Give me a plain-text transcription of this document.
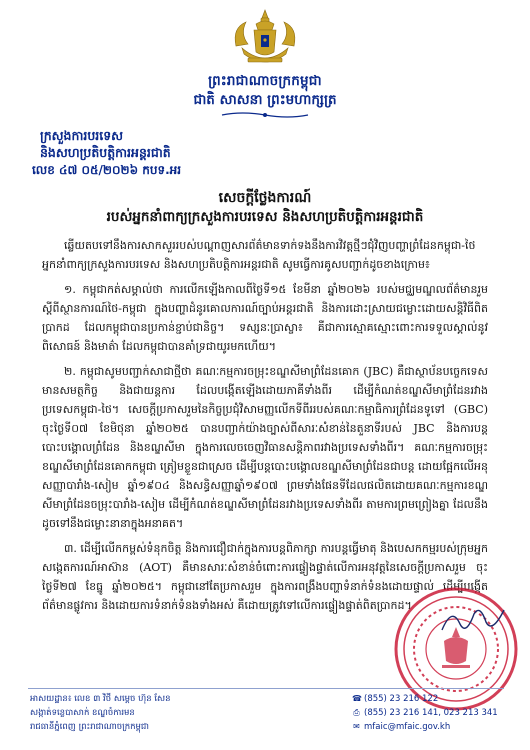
ព្រះរាជាណាចក្រកម្ពុជា
ជាតិ សាសនា ព្រះមហាក្សត្រ
ក្រសួងការបរទេស
និងសហប្រតិបត្តិការអន្តរជាតិ
លេខ ៤៧ ០៥/២០២៦ កបទ.អរ
សេចក្តីថ្លែងការណ៍
របស់អ្នកនាំពាក្យក្រសួងការបរទេស និងសហប្រតិបត្តិការអន្តរជាតិ

ឆ្លើយតបទៅនឹងការសាកសួររបស់បណ្តាញសារព័ត៌មានទាក់ទងនឹងការវិវត្តថ្មីៗជុំវិញបញ្ហាព្រំដែនកម្ពុជា-ថៃ អ្នកនាំពាក្យក្រសួងការបរទេស និងសហប្រតិបត្តិការអន្តរជាតិ សូមធ្វើការគូសបញ្ជាក់ដូចខាងក្រោម៖

១. កម្ពុជាកត់សម្គាល់ថា ការលើកឡើងកាលពីថ្ងៃទី១៥ ខែមីនា ឆ្នាំ២០២៦ របស់មជ្ឈមណ្ឌលព័ត៌មានរួមស្តីពីស្ថានការណ៍ថៃ-កម្ពុជា ក្នុងបញ្ហាដំនូរគោលការណ៍ច្បាប់អន្តរជាតិ និងការដោះស្រាយជម្លោះដោយសន្តិវិធីពិតប្រាកដ ដែលកម្ពុជាបានប្រកាន់ខ្ជាប់ជានិច្ច។ ទស្សនៈប្រាស្ចា៖ គឺជាការស្មោគស្មោះពោះការទទួលស្គាល់នូវពិសោធន៍ និងមាត៌ា ដែលកម្ពុជាបានគាំទ្រជាយូរមកហើយ។

២. កម្ពុជាសូមបញ្ជាក់សាជាថ្មីថា គណៈកម្មការចម្រុះខណ្ឌសីមាព្រំដែនគោក (JBC) គឺជាស្ថាប័នបច្ចេកទេសមានសមត្ថកិច្ច និងជាយន្តការ ដែលបង្កើតឡើងដោយភាគីទាំងពីរ ដើម្បីកំណត់ខណ្ឌសីមាព្រំដែនរវាងប្រទេសកម្ពុជា-ថៃ។ សេចក្តីប្រកាសរួមនៃកិច្ចប្រជុំវិសាមញ្ញលើកទីពីររបស់គណៈកម្មាធិការព្រំដែនទូទៅ (GBC) ចុះថ្ងៃទី០៧ ខែមិថុនា ឆ្នាំ២០២៥ បានបញ្ជាក់យ៉ាងច្បាស់ពីសារៈសំខាន់នៃតួនាទីរបស់ JBC និងការបន្តបោះបង្គោលព្រំដែន និងខណ្ឌសីមា ក្នុងការលេចចេញវិធានសន្តិភាពរវាងប្រទេសទាំងពីរ។ គណៈកម្មការចម្រុះខណ្ឌសីមាព្រំដែនគោកកម្ពុជា ត្រៀមខ្លួនជាស្រេច ដើម្បីបន្តបោះបង្គោលខណ្ឌសីមាព្រំដែនជាបន្ត ដោយផ្អែកលើអនុសញ្ញាបារាំង-សៀម ឆ្នាំ១៩០៤ និងសន្ធិសញ្ញាឆ្នាំ១៩០៧ ព្រមទាំងផែនទីដែលផលិតដោយគណៈកម្មការខណ្ឌសីមាព្រំដែនចម្រុះបារាំង-សៀម ដើម្បីកំណត់ខណ្ឌសីមាព្រំដែនរវាងប្រទេសទាំងពីរ តាមការព្រមព្រៀងគ្នា ដែលនឹងដូចទៅនឹងជម្លោះនានាក្នុងអនាគត។

៣. ដើម្បីលើកកម្ពស់ទំនុកចិត្ត និងការជឿជាក់ក្នុងការបន្តពិភាក្សា ការបន្តធ្វើមាតុ និងបេសកកម្មរបស់ក្រុមអ្នកសង្កេតការណ៍អាស៊ាន (AOT) គឺមានសារៈសំខាន់ចំពោះការផ្ទៀងផ្ទាត់លើការអនុវត្តនៃសេចក្តីប្រកាសរួម ចុះថ្ងៃទី២៧ ខែធ្នូ ឆ្នាំ២០២៥។ កម្ពុជានៅតែប្រកាសរួម ក្នុងការពង្រឹងបញ្ហាទំនាក់ទំនងដោយផ្ទាល់ ដើម្បីបង្កើតព័ត៌មានផ្លូវការ និងដោយការទំនាក់ទំនងទាំងអស់ គឺដោយត្រូវទៅលើការផ្ទៀងផ្ទាត់ពិតប្រាកដ។

អាសយដ្ឋាន៖ លេខ ៣ វិថី សម្តេច ហ៊ុន សែន
សង្កាត់ទន្លេបាសាក់ ខណ្ឌចំការមន
រាជធានីភ្នំពេញ ព្រះរាជាណាចក្រកម្ពុជា
☎ (855) 23 216 122
⎙ (855) 23 216 141, 023 213 341
✉ mfaic@mfaic.gov.kh
